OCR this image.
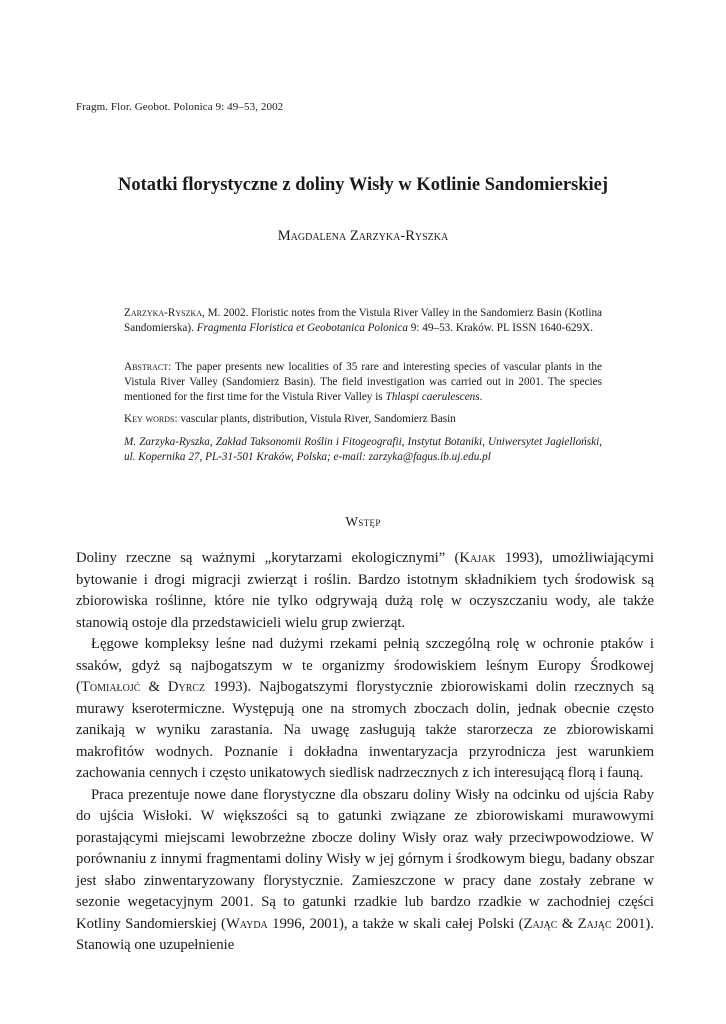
Fragm. Flor. Geobot. Polonica 9: 49–53, 2002
Notatki florystyczne z doliny Wisły w Kotlinie Sandomierskiej
Magdalena Zarzyka-Ryszka
Zarzyka-Ryszka, M. 2002. Floristic notes from the Vistula River Valley in the Sandomierz Basin (Kotlina Sandomierska). Fragmenta Floristica et Geobotanica Polonica 9: 49–53. Kraków. PL ISSN 1640-629X.
Abstract: The paper presents new localities of 35 rare and interesting species of vascular plants in the Vistula River Valley (Sandomierz Basin). The field investigation was carried out in 2001. The species mentioned for the first time for the Vistula River Valley is Thlaspi caerulescens.
Key words: vascular plants, distribution, Vistula River, Sandomierz Basin
M. Zarzyka-Ryszka, Zakład Taksonomii Roślin i Fitogeografii, Instytut Botaniki, Uniwersytet Jagielloński, ul. Kopernika 27, PL-31-501 Kraków, Polska; e-mail: zarzyka@fagus.ib.uj.edu.pl
Wstęp

Doliny rzeczne są ważnymi „korytarzami ekologicznymi” (Kajak 1993), umożliwiającymi bytowanie i drogi migracji zwierząt i roślin. Bardzo istotnym składnikiem tych środowisk są zbiorowiska roślinne, które nie tylko odgrywają dużą rolę w oczyszczaniu wody, ale także stanowią ostoje dla przedstawicieli wielu grup zwierząt.

Łęgowe kompleksy leśne nad dużymi rzekami pełnią szczególną rolę w ochronie ptaków i ssaków, gdyż są najbogatszym w te organizmy środowiskiem leśnym Europy Środkowej (Tomiałojć & Dyrcz 1993). Najbogatszymi florystycznie zbiorowiskami dolin rzecznych są murawy kserotermiczne. Występują one na stromych zboczach dolin, jednak obecnie często zanikają w wyniku zarastania. Na uwagę zasługują także starorzecza ze zbiorowiskami makrofitów wodnych. Poznanie i dokładna inwentaryzacja przyrodnicza jest warunkiem zachowania cennych i często unikatowych siedlisk nadrzecznych z ich interesującą florą i fauną.

Praca prezentuje nowe dane florystyczne dla obszaru doliny Wisły na odcinku od ujścia Raby do ujścia Wisłoki. W większości są to gatunki związane ze zbiorowiskami murawowymi porastającymi miejscami lewobrzeżne zbocze doliny Wisły oraz wały przeciwpowodziowe. W porównaniu z innymi fragmentami doliny Wisły w jej górnym i środkowym biegu, badany obszar jest słabo zinwentaryzowany florystycznie. Zamieszczone w pracy dane zostały zebrane w sezonie wegetacyjnym 2001. Są to gatunki rzadkie lub bardzo rzadkie w zachodniej części Kotliny Sandomierskiej (Wayda 1996, 2001), a także w skali całej Polski (Zając & Zając 2001). Stanowią one uzupełnienie
